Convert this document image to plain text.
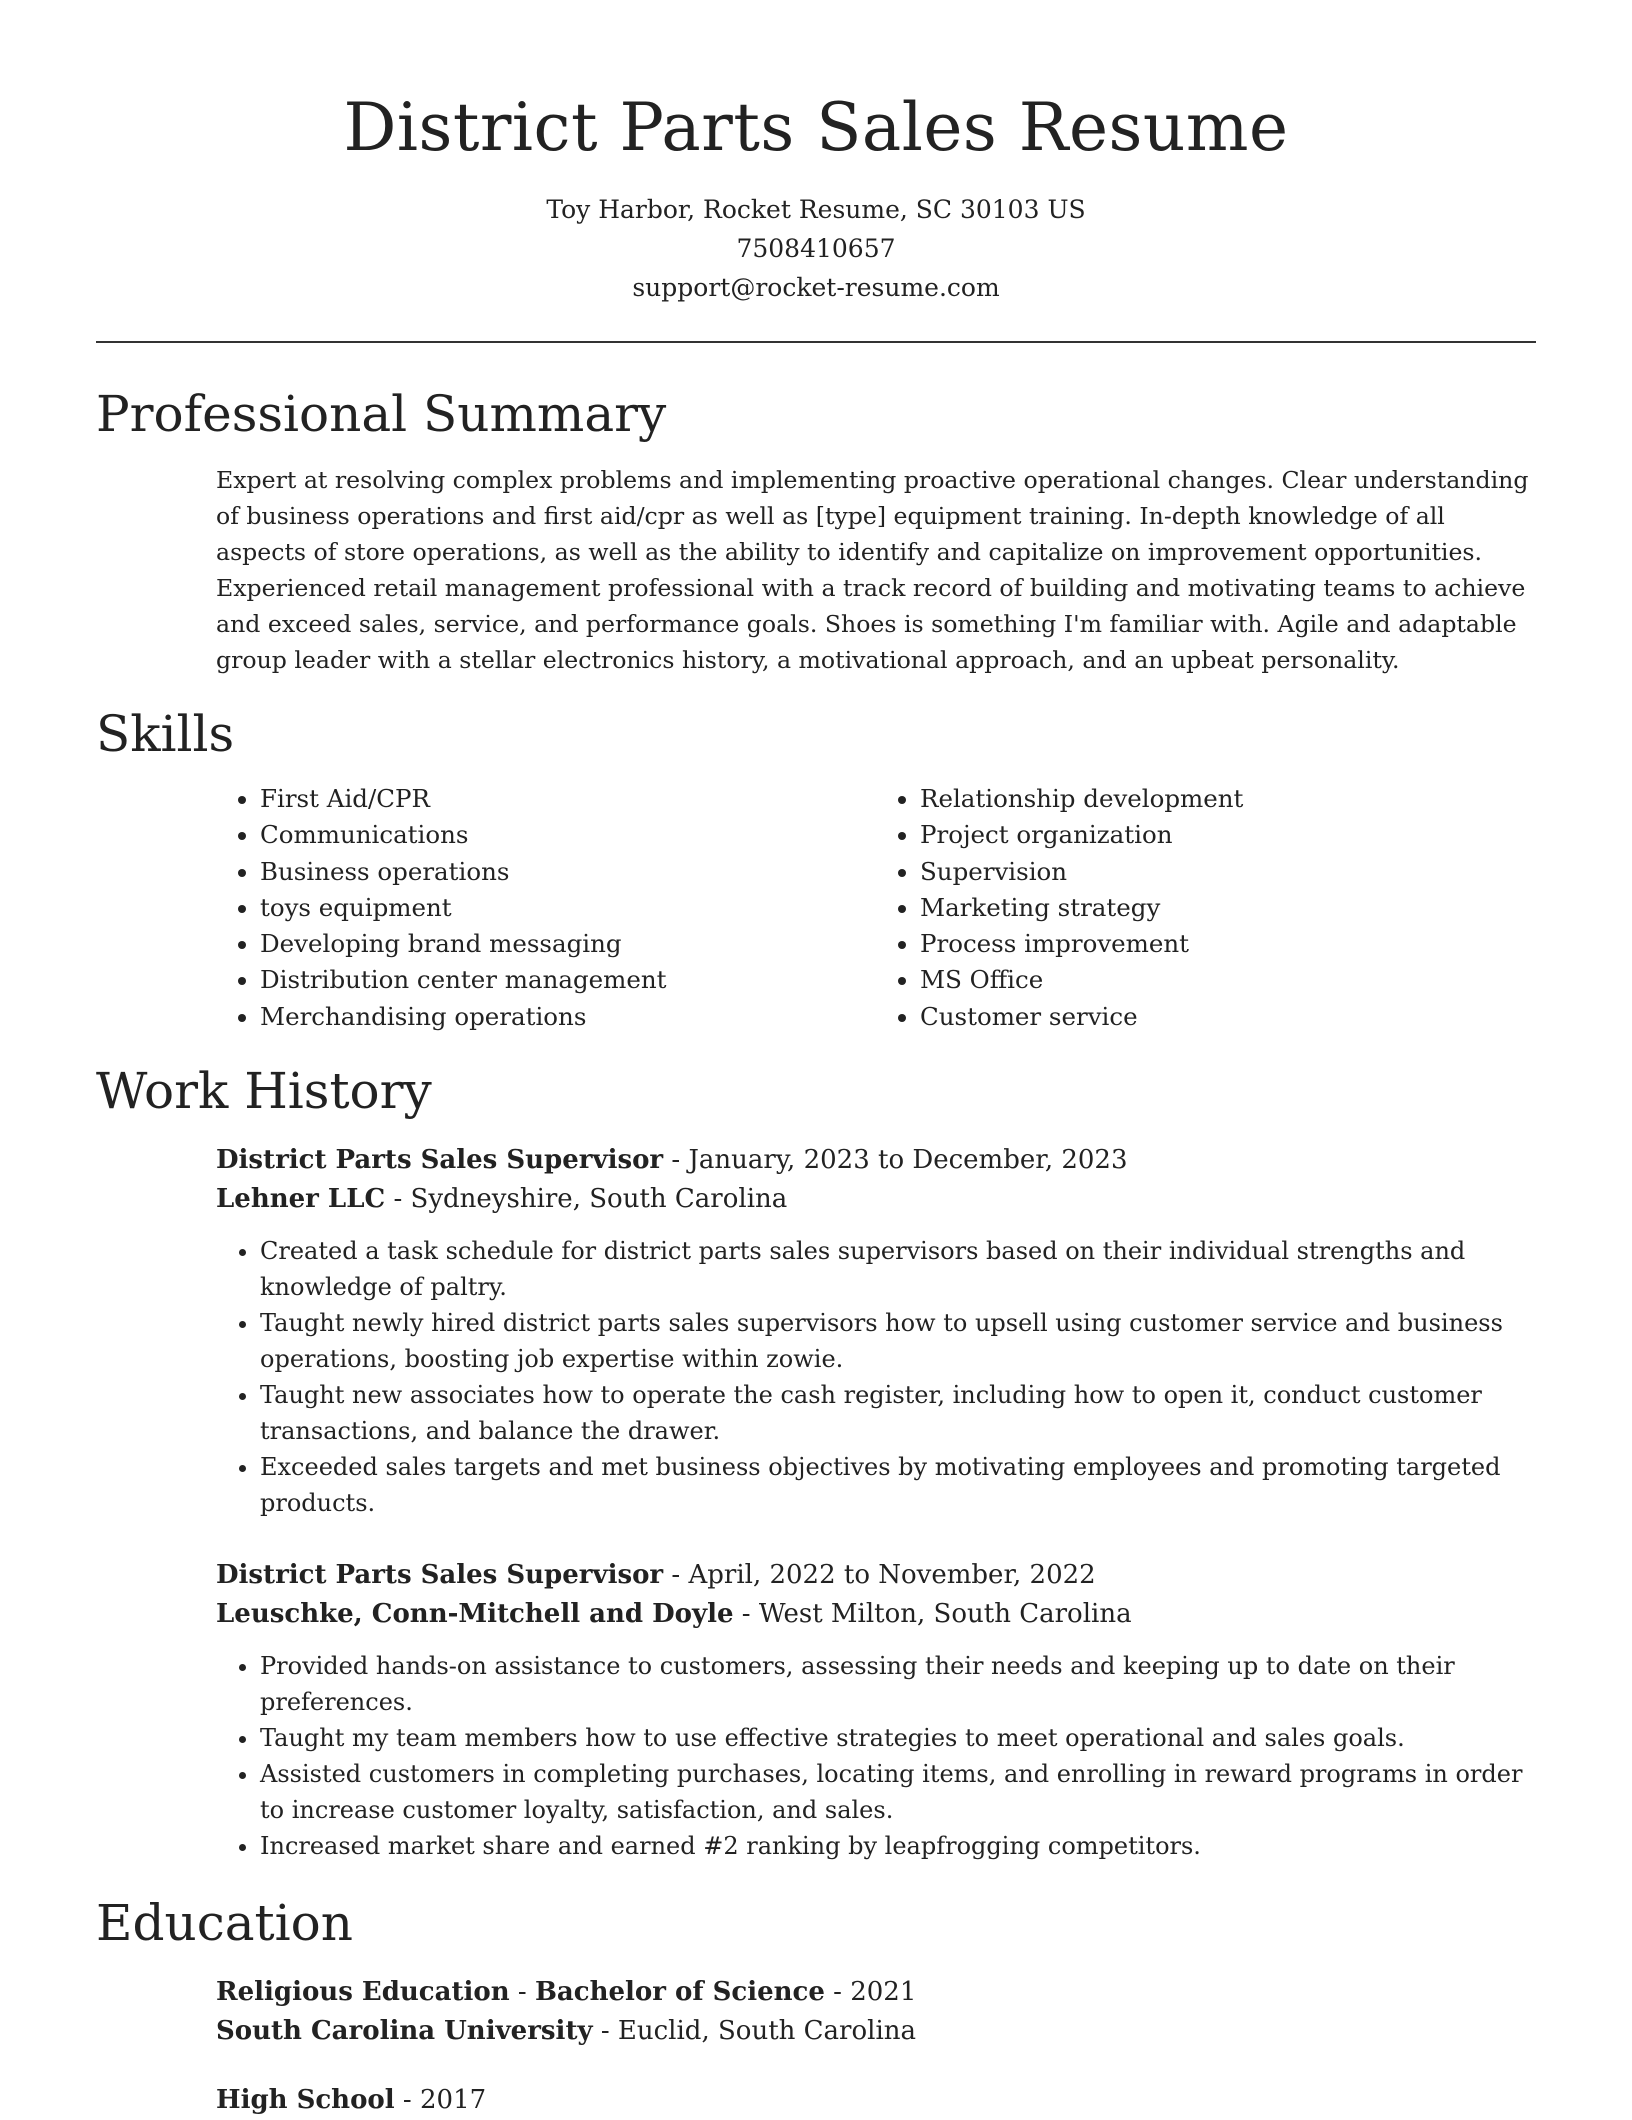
District Parts Sales Resume
Toy Harbor, Rocket Resume, SC 30103 US
7508410657
support@rocket-resume.com
Professional Summary

Expert at resolving complex problems and implementing proactive operational changes. Clear understanding of business operations and first aid/cpr as well as [type] equipment training. In-depth knowledge of all aspects of store operations, as well as the ability to identify and capitalize on improvement opportunities. Experienced retail management professional with a track record of building and motivating teams to achieve and exceed sales, service, and performance goals. Shoes is something I'm familiar with. Agile and adaptable group leader with a stellar electronics history, a motivational approach, and an upbeat personality.

Skills
• First Aid/CPR
• Communications
• Business operations
• toys equipment
• Developing brand messaging
• Distribution center management
• Merchandising operations
• Relationship development
• Project organization
• Supervision
• Marketing strategy
• Process improvement
• MS Office
• Customer service
Work History
District Parts Sales Supervisor - January, 2023 to December, 2023
Lehner LLC - Sydneyshire, South Carolina
• Created a task schedule for district parts sales supervisors based on their individual strengths and knowledge of paltry.
• Taught newly hired district parts sales supervisors how to upsell using customer service and business operations, boosting job expertise within zowie.
• Taught new associates how to operate the cash register, including how to open it, conduct customer transactions, and balance the drawer.
• Exceeded sales targets and met business objectives by motivating employees and promoting targeted products.
District Parts Sales Supervisor - April, 2022 to November, 2022
Leuschke, Conn-Mitchell and Doyle - West Milton, South Carolina
• Provided hands-on assistance to customers, assessing their needs and keeping up to date on their preferences.
• Taught my team members how to use effective strategies to meet operational and sales goals.
• Assisted customers in completing purchases, locating items, and enrolling in reward programs in order to increase customer loyalty, satisfaction, and sales.
• Increased market share and earned #2 ranking by leapfrogging competitors.
Education
Religious Education - Bachelor of Science - 2021
South Carolina University - Euclid, South Carolina
High School - 2017
